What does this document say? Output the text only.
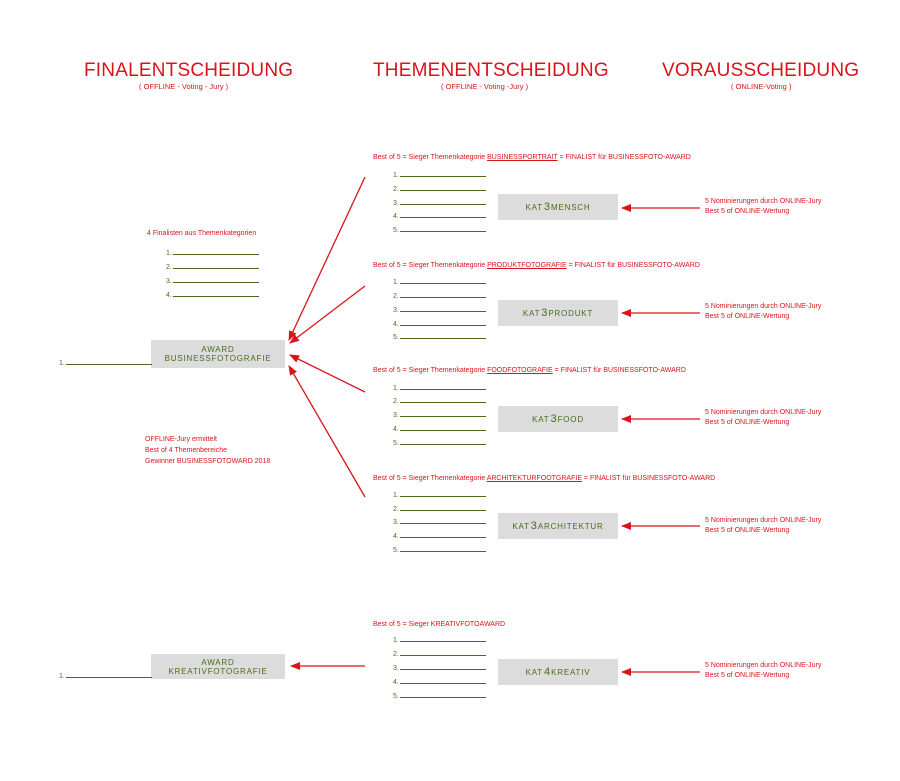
FINALENTSCHEIDUNG
( OFFLINE - Voting - Jury )
THEMENENTSCHEIDUNG
( OFFLINE - Voting -Jury )
VORAUSSCHEIDUNG
( ONLINE-Voting )
4 Finalisten aus Themenkategorien
1.
2.
3.
4.
AWARD BUSINESSFOTOGRAFIE
1.
OFFLINE-Jury ermittelt
Best of 4 Themenbereiche
Gewinner BUSINESSFOTOWARD 2018
Best of 5 = Sieger Themenkategorie BUSINESSPORTRAIT = FINALIST für BUSINESSFOTO-AWARD
1.
2.
3.
4.
5.
KAT 3 MENSCH
5 Nominierungen durch ONLINE-Jury
Best 5 of ONLINE-Wertung
Best of 5 = Sieger Themenkategorie PRODUKTFOTOGRAFIE = FINALIST für BUSINESSFOTO-AWARD
1.
2.
3.
4.
5.
KAT 3 PRODUKT
5 Nominierungen durch ONLINE-Jury
Best 5 of ONLINE-Wertung
Best of 5 = Sieger Themenkategorie FOODFOTOGRAFIE = FINALIST für BUSINESSFOTO-AWARD
1.
2.
3.
4.
5.
KAT 3 FOOD
5 Nominierungen durch ONLINE-Jury
Best 5 of ONLINE-Wertung
Best of 5 = Sieger Themenkategorie ARCHITEKTURFOOTGRAFIE = FINALIST für BUSINESSFOTO-AWARD
1.
2.
3.
4.
5.
KAT 3 ARCHITEKTUR
5 Nominierungen durch ONLINE-Jury
Best 5 of ONLINE-Wertung
Best of 5 = Sieger KREATIVFOTOAWARD
1.
2.
3.
4.
5.
KAT 4 KREATIV
5 Nominierungen durch ONLINE-Jury
Best 5 of ONLINE-Wertung
AWARD KREATIVFOTOGRAFIE
1.
